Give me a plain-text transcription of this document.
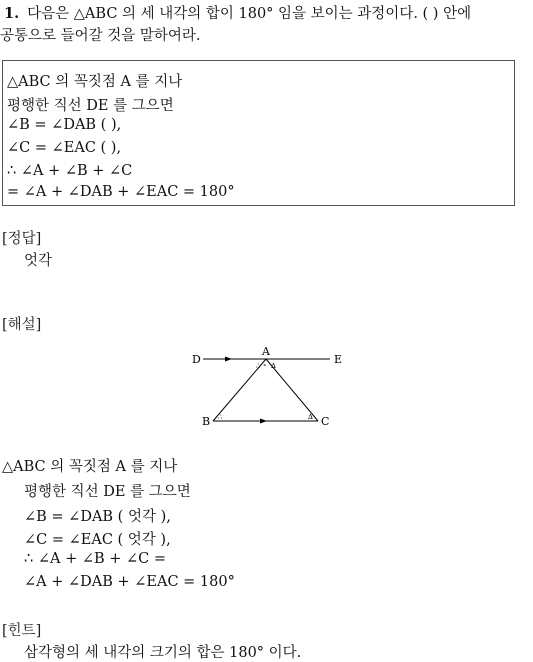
1. 다음은 △ABC 의 세 내각의 합이 180° 임을 보이는 과정이다. ( ) 안에
공통으로 들어갈 것을 말하여라.
△ABC 의 꼭짓점 A 를 지나
평행한 직선 DE 를 그으면
∠B = ∠DAB ( ),
∠C = ∠EAC ( ),
∴ ∠A + ∠B + ∠C
= ∠A + ∠DAB + ∠EAC = 180°
[정답]
엇각
[해설]
∴ ∘ ∆
∴	∆
D
A
E
B	C
△ABC 의 꼭짓점 A 를 지나
평행한 직선 DE 를 그으면
∠B = ∠DAB ( 엇각 ),
∠C = ∠EAC ( 엇각 ),
∴ ∠A + ∠B + ∠C =
∠A + ∠DAB + ∠EAC = 180°
[힌트]
삼각형의 세 내각의 크기의 합은 180° 이다.
